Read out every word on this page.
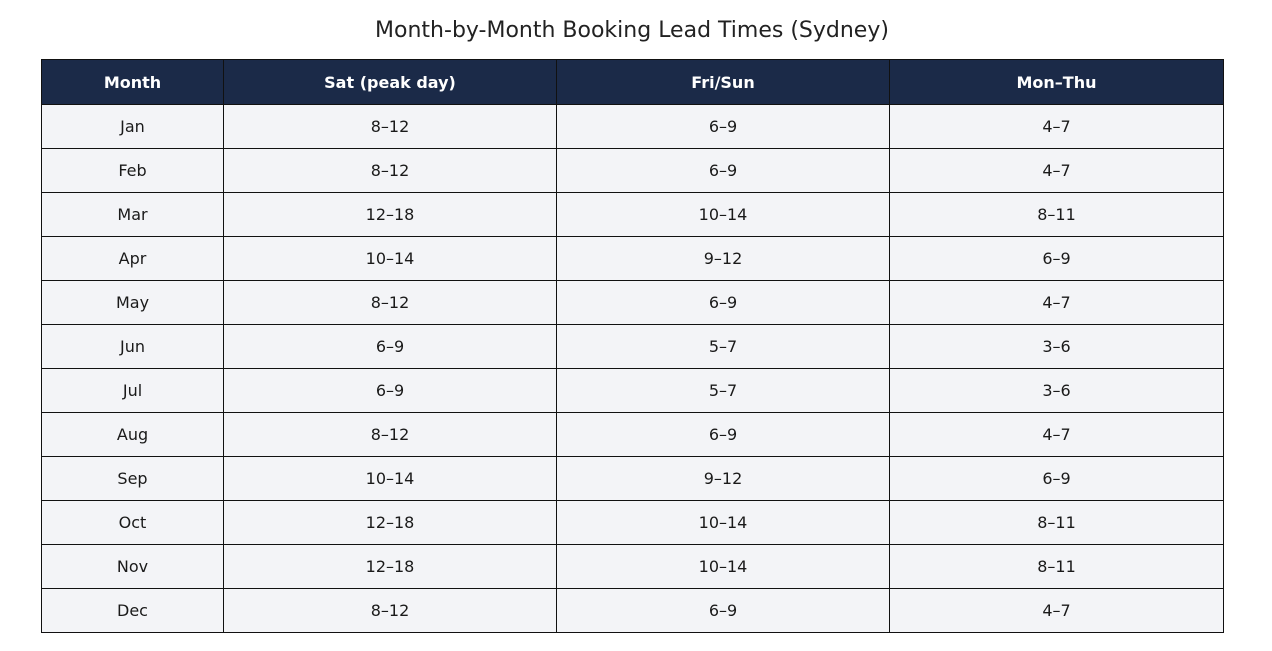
Month-by-Month Booking Lead Times (Sydney)
Month	Sat (peak day)	Fri/Sun	Mon–Thu
Jan	8–12	6–9	4–7
Feb	8–12	6–9	4–7
Mar	12–18	10–14	8–11
Apr	10–14	9–12	6–9
May	8–12	6–9	4–7
Jun	6–9	5–7	3–6
Jul	6–9	5–7	3–6
Aug	8–12	6–9	4–7
Sep	10–14	9–12	6–9
Oct	12–18	10–14	8–11
Nov	12–18	10–14	8–11
Dec	8–12	6–9	4–7
